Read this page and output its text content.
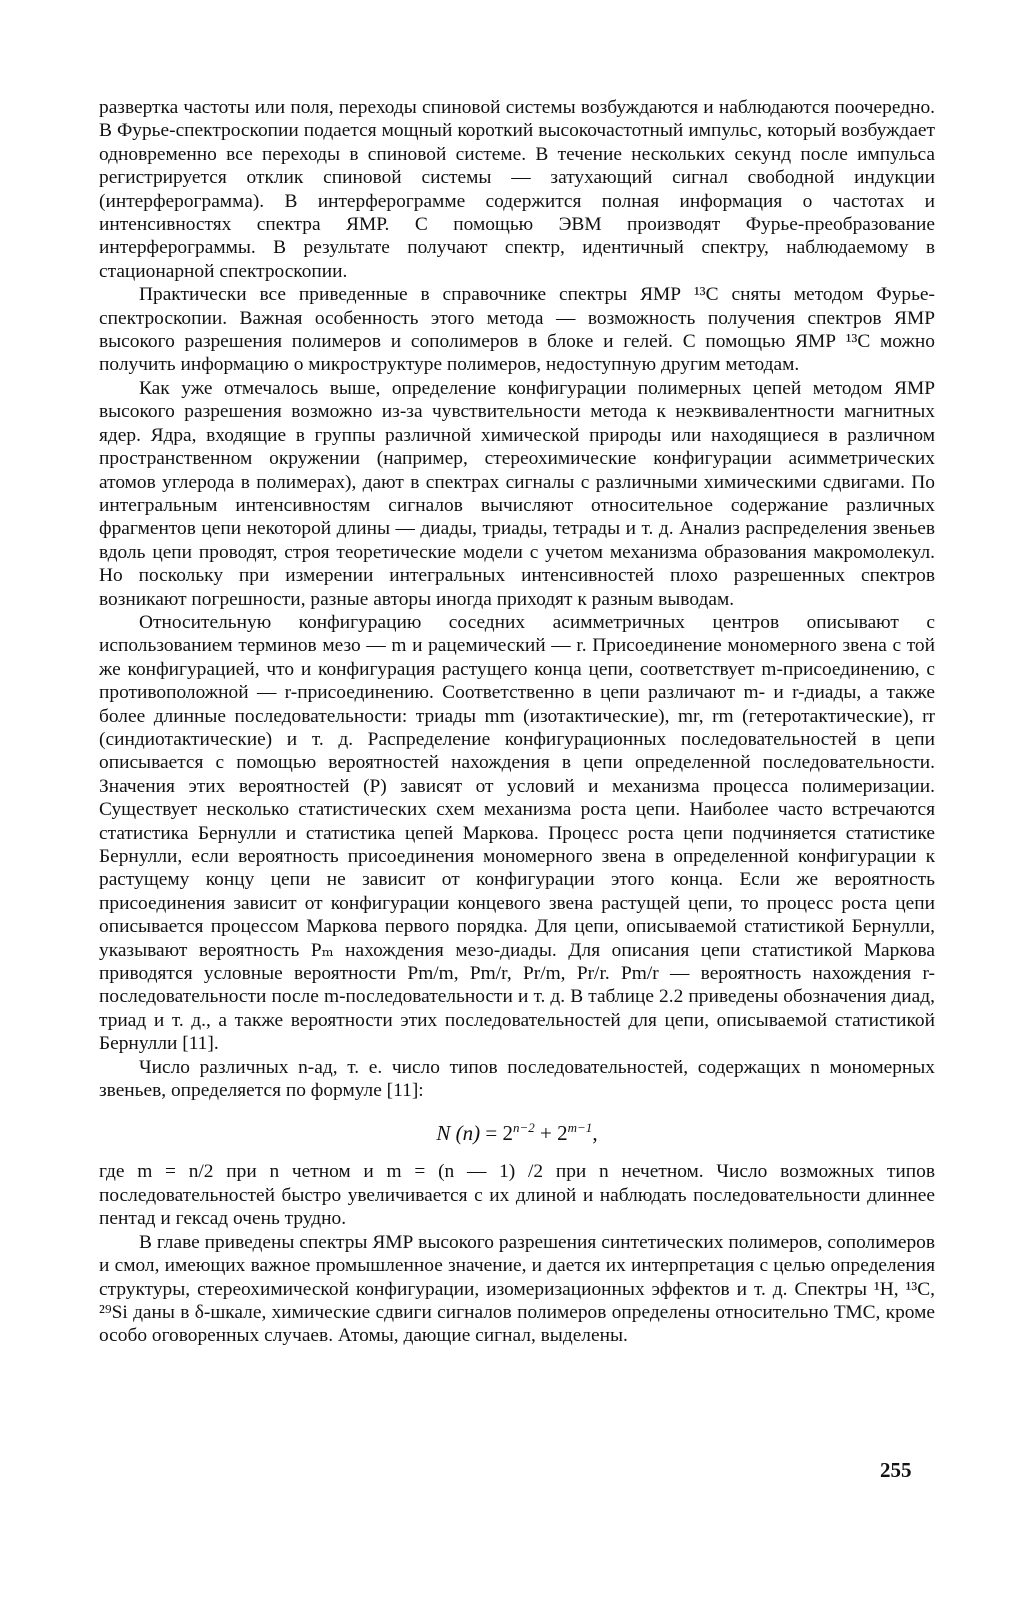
развертка частоты или поля, переходы спиновой системы возбуждаются и наблюдаются поочередно. В Фурье-спектроскопии подается мощный короткий высокочастотный импульс, который возбуждает одновременно все переходы в спиновой системе. В течение нескольких секунд после импульса регистрируется отклик спиновой системы — затухающий сигнал свободной индукции (интерферограмма). В интерферограмме содержится полная информация о частотах и интенсивностях спектра ЯМР. С помощью ЭВМ производят Фурье-преобразование интерферограммы. В результате получают спектр, идентичный спектру, наблюдаемому в стационарной спектроскопии.

Практически все приведенные в справочнике спектры ЯМР ¹³С сняты методом Фурье-спектроскопии. Важная особенность этого метода — возможность получения спектров ЯМР высокого разрешения полимеров и сополимеров в блоке и гелей. С помощью ЯМР ¹³С можно получить информацию о микроструктуре полимеров, недоступную другим методам.

Как уже отмечалось выше, определение конфигурации полимерных цепей методом ЯМР высокого разрешения возможно из-за чувствительности метода к неэквивалентности магнитных ядер. Ядра, входящие в группы различной химической природы или находящиеся в различном пространственном окружении (например, стереохимические конфигурации асимметрических атомов углерода в полимерах), дают в спектрах сигналы с различными химическими сдвигами. По интегральным интенсивностям сигналов вычисляют относительное содержание различных фрагментов цепи некоторой длины — диады, триады, тетрады и т. д. Анализ распределения звеньев вдоль цепи проводят, строя теоретические модели с учетом механизма образования макромолекул. Но поскольку при измерении интегральных интенсивностей плохо разрешенных спектров возникают погрешности, разные авторы иногда приходят к разным выводам.

Относительную конфигурацию соседних асимметричных центров описывают с использованием терминов мезо — m и рацемический — r. Присоединение мономерного звена с той же конфигурацией, что и конфигурация растущего конца цепи, соответствует m-присоединению, с противоположной — r-присоединению. Соответственно в цепи различают m- и r-диады, а также более длинные последовательности: триады mm (изотактические), mr, rm (гетеротактические), rr (синдиотактические) и т. д. Распределение конфигурационных последовательностей в цепи описывается с помощью вероятностей нахождения в цепи определенной последовательности. Значения этих вероятностей (P) зависят от условий и механизма процесса полимеризации. Существует несколько статистических схем механизма роста цепи. Наиболее часто встречаются статистика Бернулли и статистика цепей Маркова. Процесс роста цепи подчиняется статистике Бернулли, если вероятность присоединения мономерного звена в определенной конфигурации к растущему концу цепи не зависит от конфигурации этого конца. Если же вероятность присоединения зависит от конфигурации концевого звена растущей цепи, то процесс роста цепи описывается процессом Маркова первого порядка. Для цепи, описываемой статистикой Бернулли, указывают вероятность Pₘ нахождения мезо-диады. Для описания цепи статистикой Маркова приводятся условные вероятности Pm/m, Pm/r, Pr/m, Pr/r. Pm/r — вероятность нахождения r-последовательности после m-последовательности и т. д. В таблице 2.2 приведены обозначения диад, триад и т. д., а также вероятности этих последовательностей для цепи, описываемой статистикой Бернулли [11].

Число различных n-ад, т. е. число типов последовательностей, содержащих n мономерных звеньев, определяется по формуле [11]:

N $(n) = 2^{n-2} + 2^{m-1}$,

где m = n/2 при n четном и m = (n — 1) /2 при n нечетном. Число возможных типов последовательностей быстро увеличивается с их длиной и наблюдать последовательности длиннее пентад и гексад очень трудно.

В главе приведены спектры ЯМР высокого разрешения синтетических полимеров, сополимеров и смол, имеющих важное промышленное значение, и дается их интерпретация с целью определения структуры, стереохимической конфигурации, изомеризационных эффектов и т. д. Спектры ¹H, ¹³C, ²⁹Si даны в δ-шкале, химические сдвиги сигналов полимеров определены относительно ТМС, кроме особо оговоренных случаев. Атомы, дающие сигнал, выделены.

255
